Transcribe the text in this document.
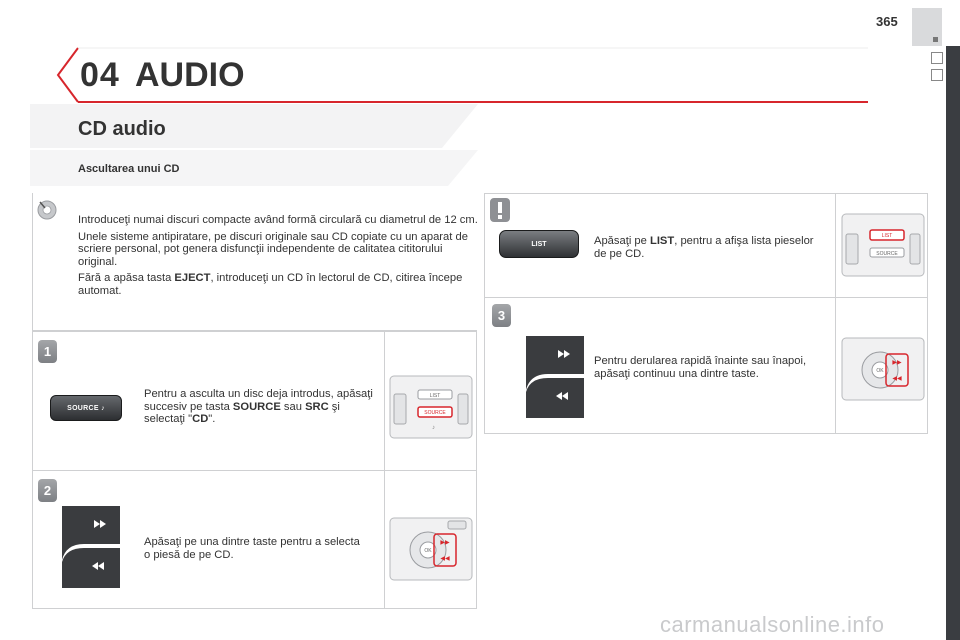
365
04 AUDIO
CD audio
Ascultarea unui CD

Introduceţi numai discuri compacte având formă circulară cu diametrul de 12 cm.

Unele sisteme antipiratare, pe discuri originale sau CD copiate cu un aparat de scriere personal, pot genera disfuncţii independente de calitatea cititorului original.

Fără a apăsa tasta EJECT, introduceţi un CD în lectorul de CD, citirea începe automat.

1
SOURCE
♪
Pentru a asculta un disc deja introdus, apăsaţi succesiv pe tasta SOURCE sau SRC şi selectaţi "CD".
LIST
SOURCE
♪
2
Apăsaţi pe una dintre taste pentru a selecta o piesă de pe CD.	OK
▶▶
◀◀
LIST	Apăsaţi pe LIST, pentru a afişa lista pieselor de pe CD.
LIST
SOURCE
3
Pentru derularea rapidă înainte sau înapoi, apăsaţi continuu una dintre taste.	OK
▶▶
◀◀
carmanualsonline.info
